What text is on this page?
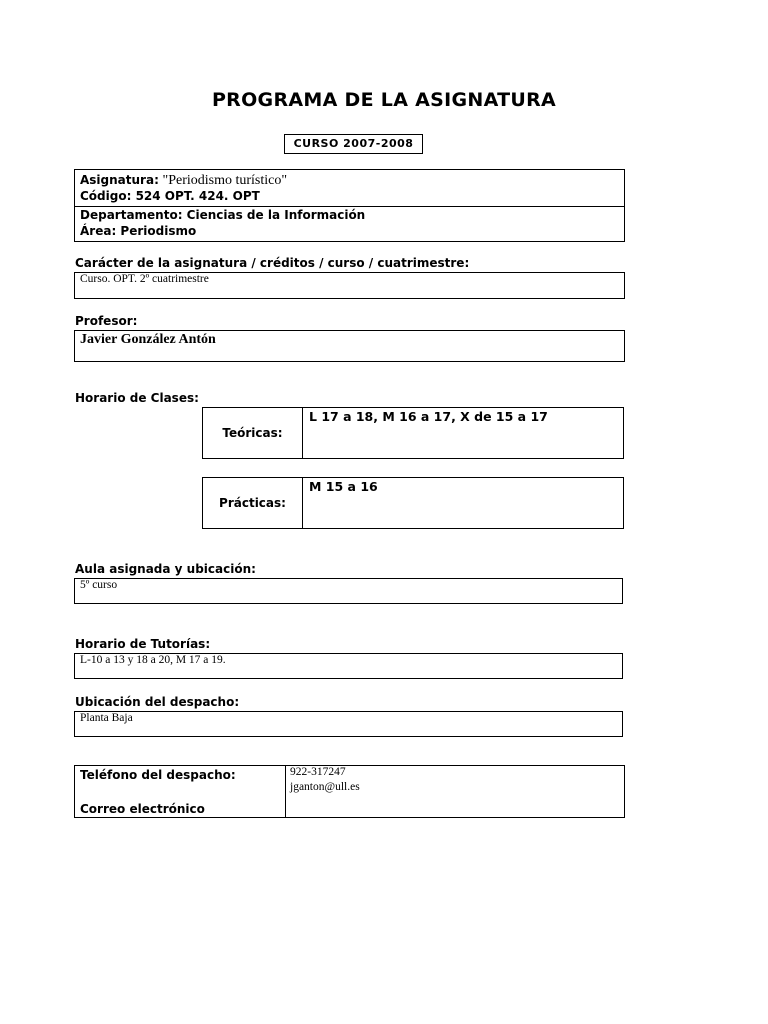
PROGRAMA DE LA ASIGNATURA
CURSO 2007-2008
Asignatura: "Periodismo turístico"
Código: 524 OPT. 424. OPT
Departamento: Ciencias de la Información
Área: Periodismo
Carácter de la asignatura / créditos / curso / cuatrimestre:
Curso. OPT. 2º cuatrimestre
Profesor:
Javier González Antón
Horario de Clases:
Teóricas:
L 17 a 18, M 16 a 17, X de 15 a 17
Prácticas:
M 15 a 16
Aula asignada y ubicación:
5º curso
Horario de Tutorías:
L-10 a 13 y 18 a 20, M 17 a 19.
Ubicación del despacho:
Planta Baja
Teléfono del despacho:
Correo electrónico
922-317247
jganton@ull.es
